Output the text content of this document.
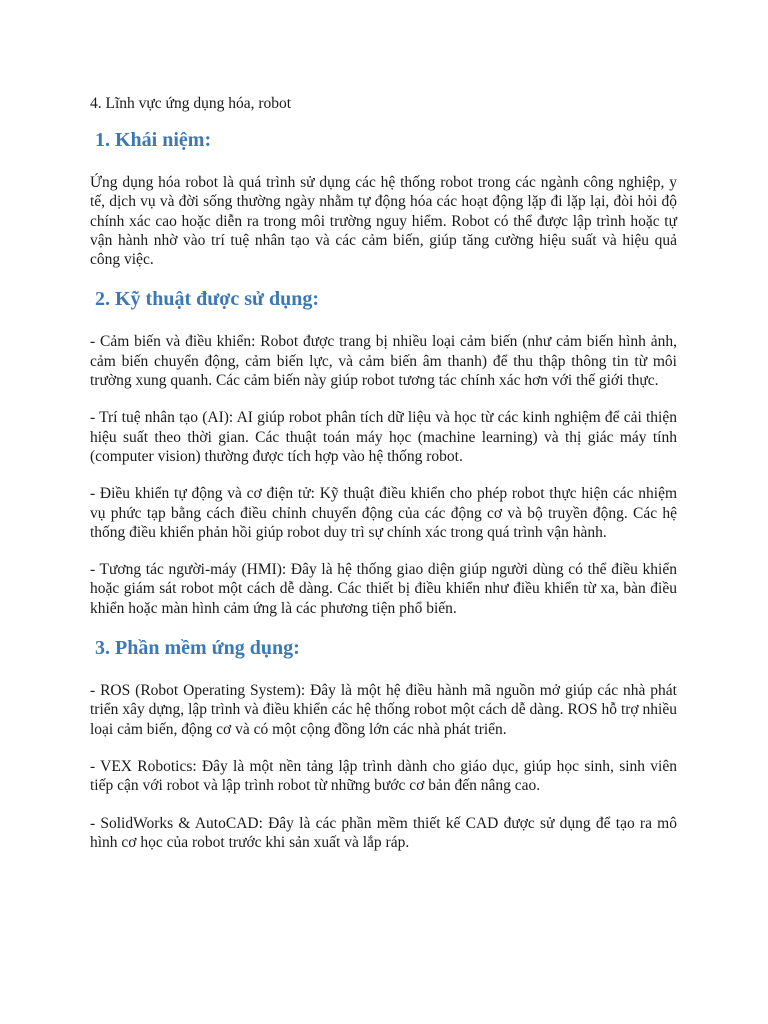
4. Lĩnh vực ứng dụng hóa, robot

1. Khái niệm:

Ứng dụng hóa robot là quá trình sử dụng các hệ thống robot trong các ngành công nghiệp, y tế, dịch vụ và đời sống thường ngày nhằm tự động hóa các hoạt động lặp đi lặp lại, đòi hỏi độ chính xác cao hoặc diễn ra trong môi trường nguy hiểm. Robot có thể được lập trình hoặc tự vận hành nhờ vào trí tuệ nhân tạo và các cảm biến, giúp tăng cường hiệu suất và hiệu quả công việc.

2. Kỹ thuật được sử dụng:

- Cảm biến và điều khiển: Robot được trang bị nhiều loại cảm biến (như cảm biến hình ảnh, cảm biến chuyển động, cảm biến lực, và cảm biến âm thanh) để thu thập thông tin từ môi trường xung quanh. Các cảm biến này giúp robot tương tác chính xác hơn với thế giới thực.

- Trí tuệ nhân tạo (AI): AI giúp robot phân tích dữ liệu và học từ các kinh nghiệm để cải thiện hiệu suất theo thời gian. Các thuật toán máy học (machine learning) và thị giác máy tính (computer vision) thường được tích hợp vào hệ thống robot.

- Điều khiển tự động và cơ điện tử: Kỹ thuật điều khiển cho phép robot thực hiện các nhiệm vụ phức tạp bằng cách điều chỉnh chuyển động của các động cơ và bộ truyền động. Các hệ thống điều khiển phản hồi giúp robot duy trì sự chính xác trong quá trình vận hành.

- Tương tác người-máy (HMI): Đây là hệ thống giao diện giúp người dùng có thể điều khiển hoặc giám sát robot một cách dễ dàng. Các thiết bị điều khiển như điều khiển từ xa, bàn điều khiển hoặc màn hình cảm ứng là các phương tiện phổ biến.

3. Phần mềm ứng dụng:

- ROS (Robot Operating System): Đây là một hệ điều hành mã nguồn mở giúp các nhà phát triển xây dựng, lập trình và điều khiển các hệ thống robot một cách dễ dàng. ROS hỗ trợ nhiều loại cảm biến, động cơ và có một cộng đồng lớn các nhà phát triển.

- VEX Robotics: Đây là một nền tảng lập trình dành cho giáo dục, giúp học sinh, sinh viên tiếp cận với robot và lập trình robot từ những bước cơ bản đến nâng cao.

- SolidWorks & AutoCAD: Đây là các phần mềm thiết kế CAD được sử dụng để tạo ra mô hình cơ học của robot trước khi sản xuất và lắp ráp.
